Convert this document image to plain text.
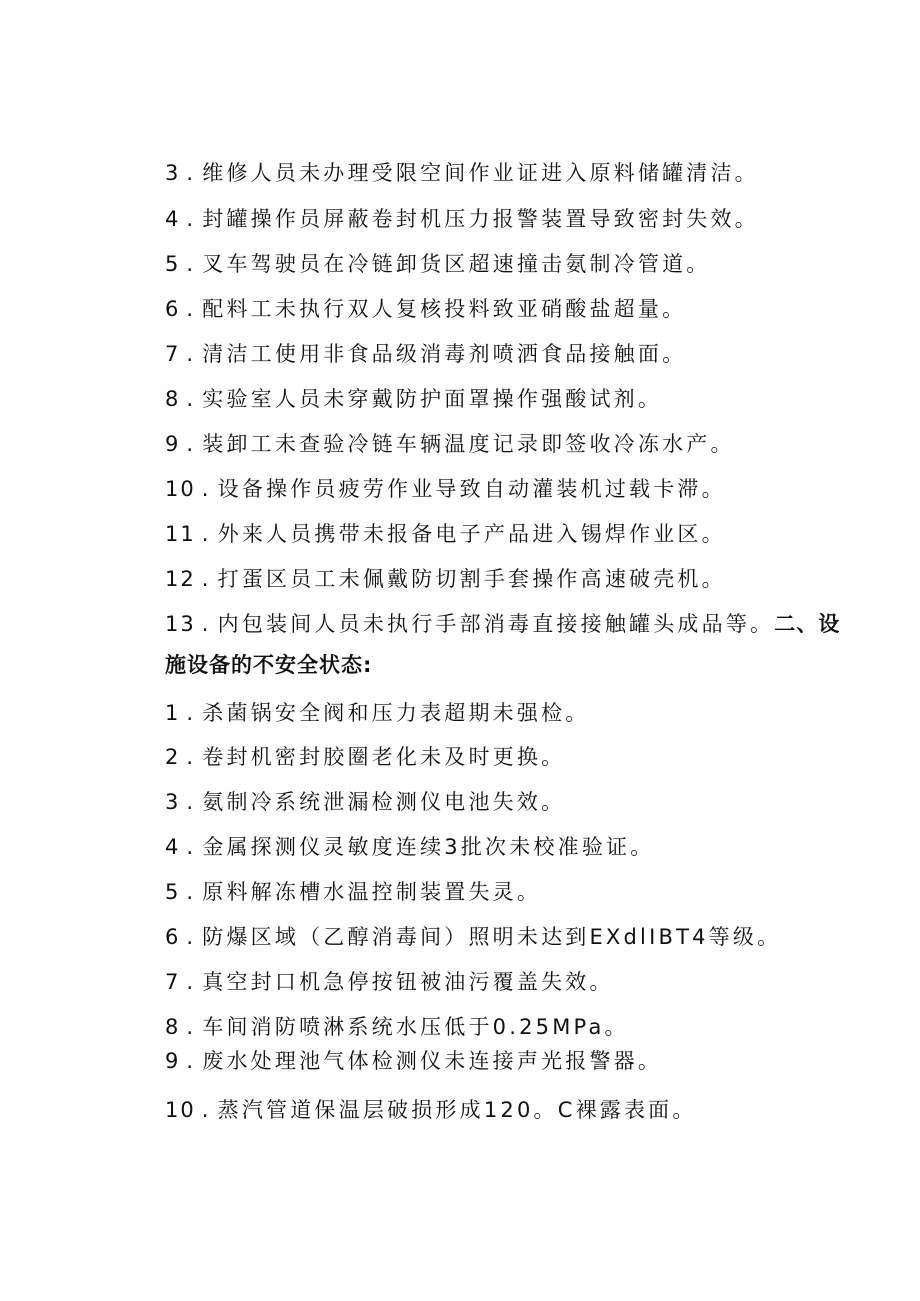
3 . 维修人员未办理受限空间作业证进入原料储罐清洁。
4 . 封罐操作员屏蔽卷封机压力报警装置导致密封失效。
5 . 叉车驾驶员在冷链卸货区超速撞击氨制冷管道。
6 . 配料工未执行双人复核投料致亚硝酸盐超量。
7 . 清洁工使用非食品级消毒剂喷洒食品接触面。
8 . 实验室人员未穿戴防护面罩操作强酸试剂。
9 . 装卸工未查验冷链车辆温度记录即签收冷冻水产。
10 . 设备操作员疲劳作业导致自动灌装机过载卡滞。
11 . 外来人员携带未报备电子产品进入锡焊作业区。
12 . 打蛋区员工未佩戴防切割手套操作高速破壳机。
13 . 内包装间人员未执行手部消毒直接接触罐头成品等。二、设
施设备的不安全状态:
1 . 杀菌锅安全阀和压力表超期未强检。
2 . 卷封机密封胶圈老化未及时更换。
3 . 氨制冷系统泄漏检测仪电池失效。
4 . 金属探测仪灵敏度连续3批次未校准验证。
5 . 原料解冻槽水温控制装置失灵。
6 . 防爆区域（乙醇消毒间）照明未达到EXdlIBT4等级。
7 . 真空封口机急停按钮被油污覆盖失效。
8 . 车间消防喷淋系统水压低于0.25MPa。
9 . 废水处理池气体检测仪未连接声光报警器。
10 . 蒸汽管道保温层破损形成120。C裸露表面。
